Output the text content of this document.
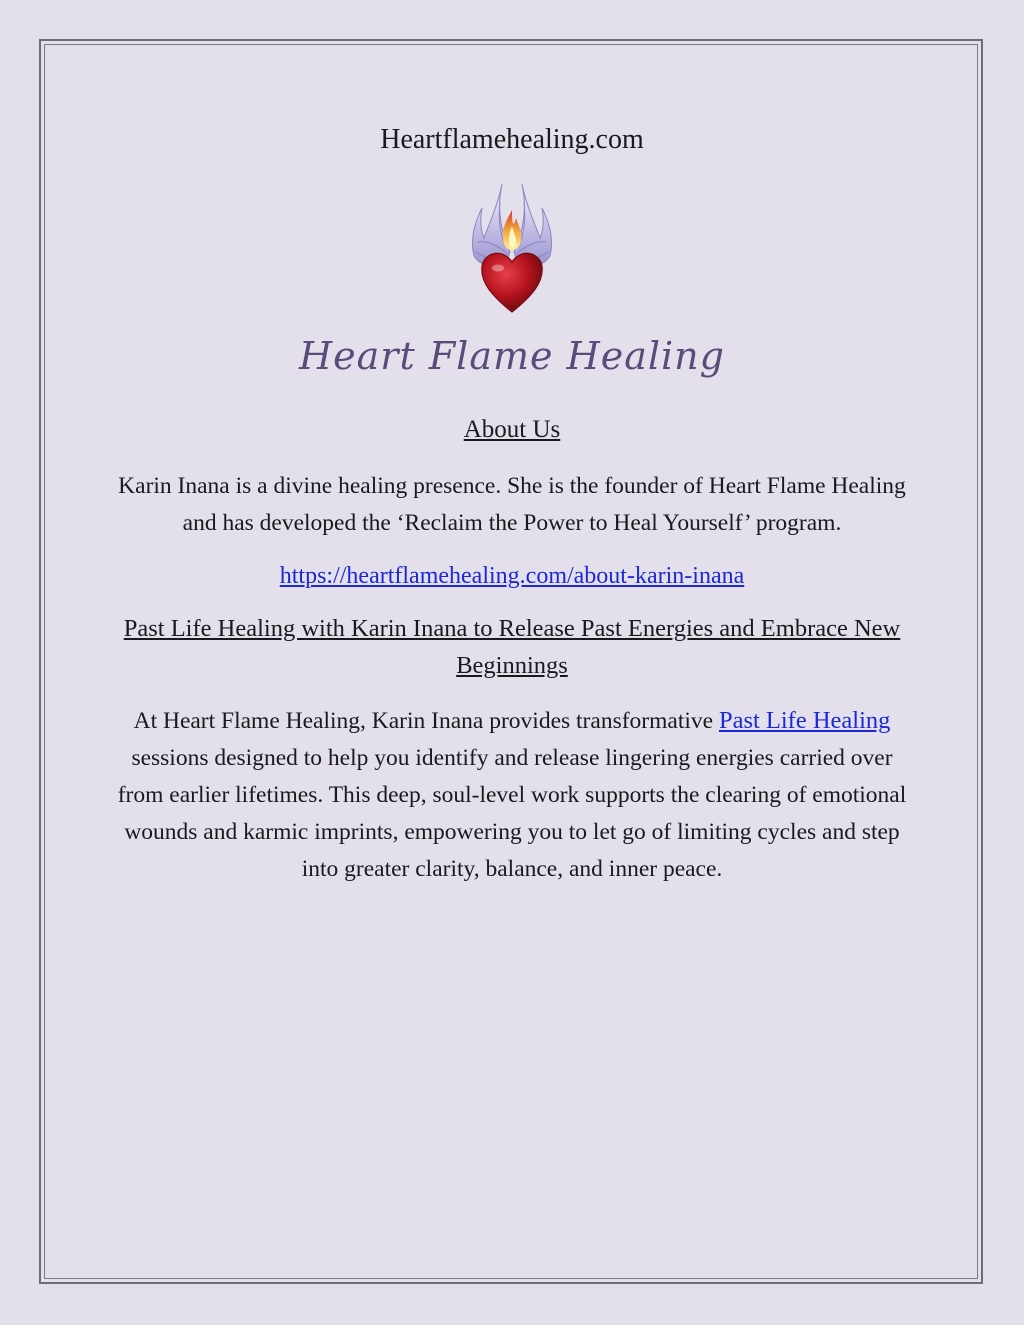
Heartflamehealing.com
Heart Flame Healing
About Us

Karin Inana is a divine healing presence. She is the founder of Heart Flame Healing and has developed the ‘Reclaim the Power to Heal Yourself’ program.

https://heartflamehealing.com/about-karin-inana
Past Life Healing with Karin Inana to Release Past Energies and Embrace New Beginnings

At Heart Flame Healing, Karin Inana provides transformative Past Life Healing sessions designed to help you identify and release lingering energies carried over from earlier lifetimes. This deep, soul-level work supports the clearing of emotional wounds and karmic imprints, empowering you to let go of limiting cycles and step into greater clarity, balance, and inner peace.
